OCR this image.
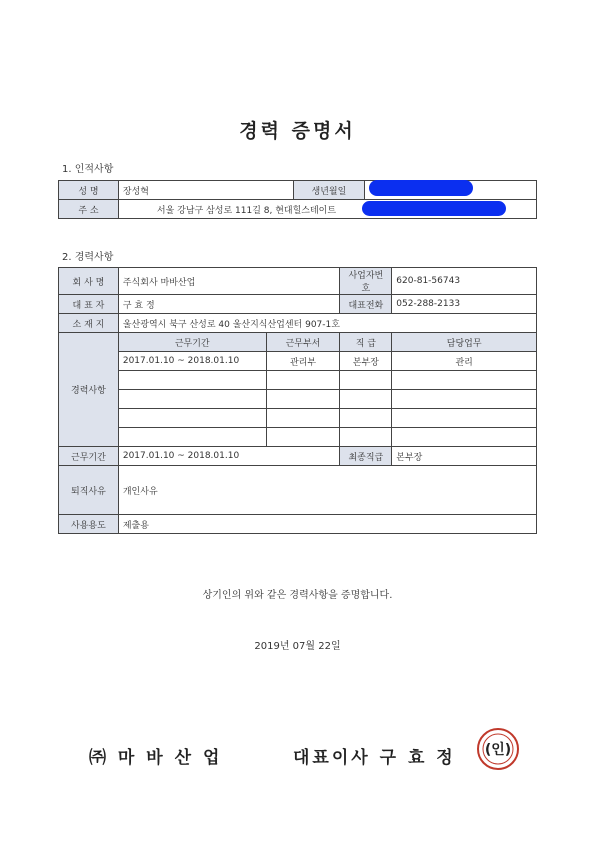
경력 증명서
1. 인적사항
성 명	장성혁	생년월일	
주 소	서울 강남구 삼성로 111길 8, 현대힐스테이트		
2. 경력사항
회 사 명	주식회사 마바산업		사업자번호	620-81-56743
대 표 자	구 효 정		대표전화	052-288-2133
소 재 지	울산광역시 북구 산성로 40 울산지식산업센터 907-1호			
경력사항	근무기간	근무부서	직 급	담당업무
	2017.01.10 ~ 2018.01.10	관리부	본부장	관리

근무기간	2017.01.10 ~ 2018.01.10		최종직급	본부장
퇴직사유	개인사유			
사용용도	제출용			
상기인의 위와 같은 경력사항을 증명합니다.
2019년 07월 22일
㈜ 마 바 산 업	대표이사 구 효 정	(인)
